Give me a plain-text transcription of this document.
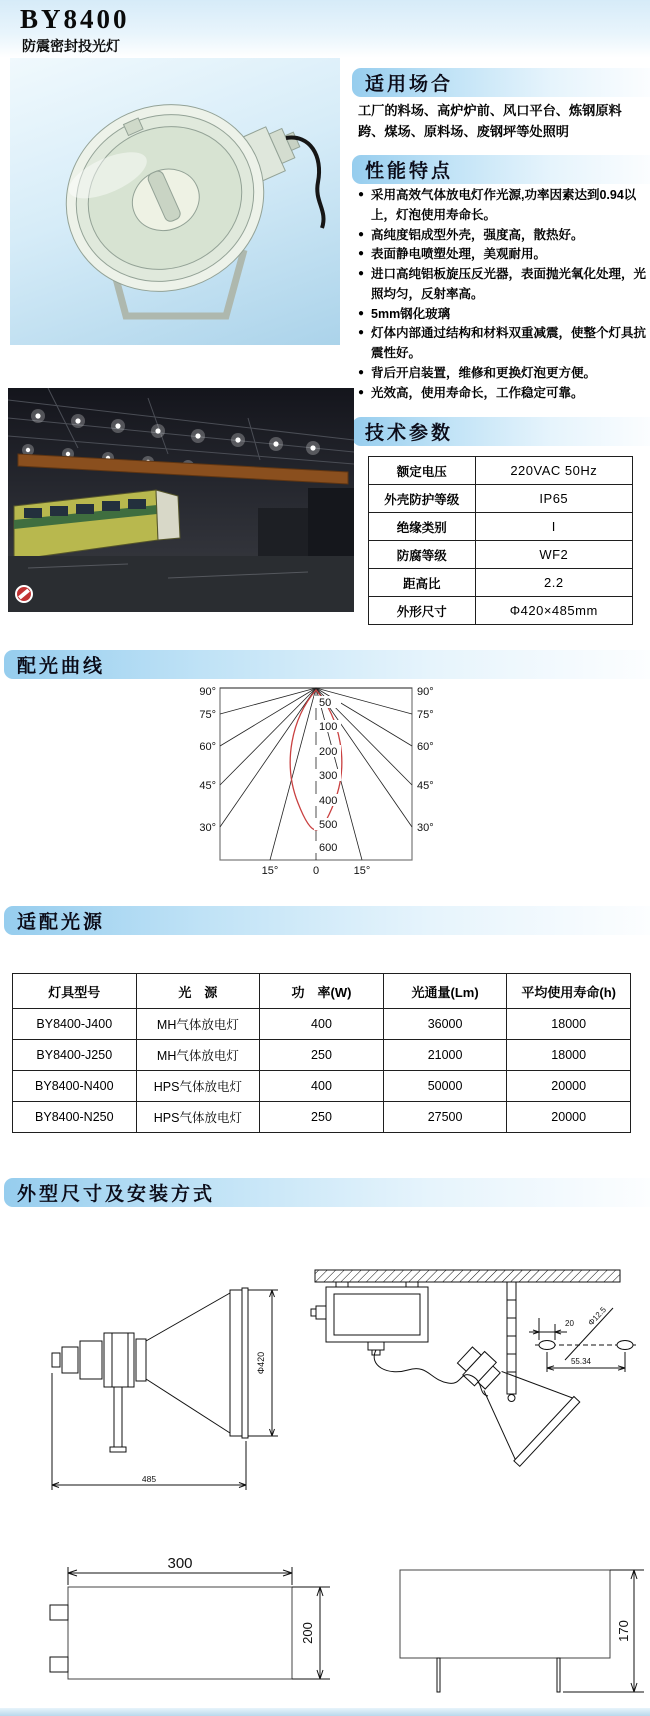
BY8400
防震密封投光灯
适用场合
工厂的料场、高炉炉前、风口平台、炼钢原料跨、煤场、原料场、废钢坪等处照明
性能特点
● 采用高效气体放电灯作光源,功率因素达到0.94以上，灯泡使用寿命长。
● 高纯度铝成型外壳，强度高，散热好。
● 表面静电喷塑处理，美观耐用。
● 进口高纯铝板旋压反光器，表面抛光氧化处理，光照均匀，反射率高。
● 5mm钢化玻璃
● 灯体内部通过结构和材料双重减震，使整个灯具抗震性好。
● 背后开启装置，维修和更换灯泡更方便。
● 光效高，使用寿命长，工作稳定可靠。
技术参数
额定电压	220VAC 50Hz
外壳防护等级	IP65
绝缘类别	I
防腐等级	WF2
距高比	2.2
外形尺寸	Φ420×485mm
配光曲线
50
100
200
300
400
500
600
90°
75°
60°
45°
30°
90°
75°
60°
45°
30°
15°	0	15°
适配光源
灯具型号	光　源	功　率(W)	光通量(Lm)	平均使用寿命(h)
BY8400-J400	MH气体放电灯	400	36000	18000
BY8400-J250	MH气体放电灯	250	21000	18000
BY8400-N400	HPS气体放电灯	400	50000	20000
BY8400-N250	HPS气体放电灯	250	27500	20000
外型尺寸及安装方式
Φ420
485
20 Φ12.5
55.34
300
200	170
